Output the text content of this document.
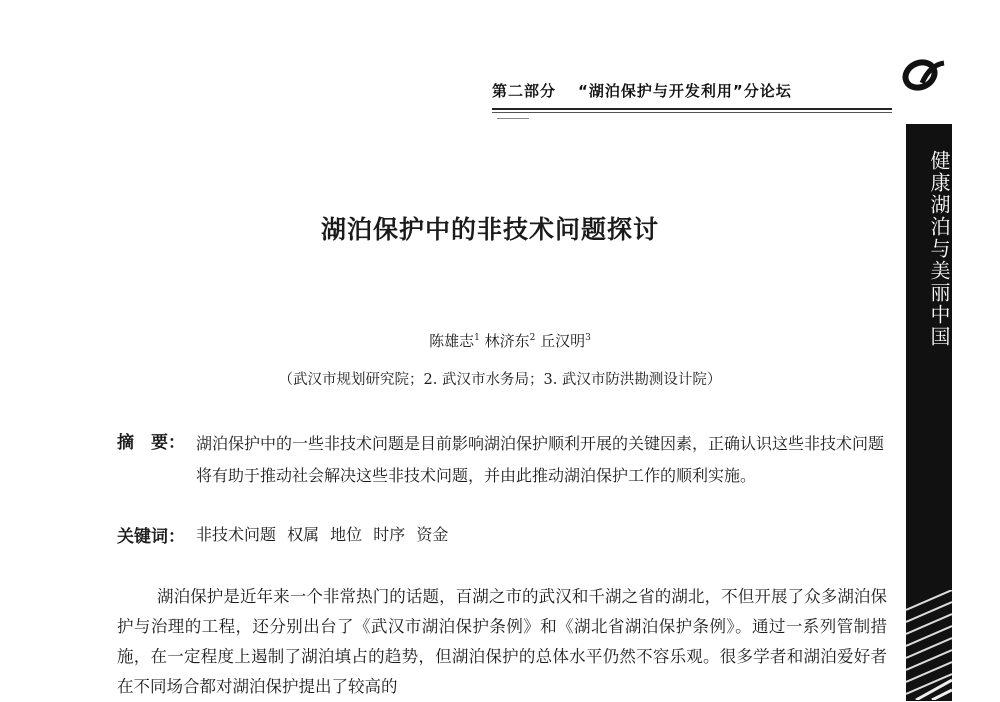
第二部分 “湖泊保护与开发利用”分论坛
健康湖泊与美丽中国
湖泊保护中的非技术问题探讨
陈雄志$^1$ 林济东$^2$ 丘汉明$^3$
（武汉市规划研究院；2. 武汉市水务局；3. 武汉市防洪勘测设计院）
摘　要： 湖泊保护中的一些非技术问题是目前影响湖泊保护顺利开展的关键因素，正确认识这些非技术问题将有助于推动社会解决这些非技术问题，并由此推动湖泊保护工作的顺利实施。
关键词： 非技术问题 权属 地位 时序 资金
湖泊保护是近年来一个非常热门的话题，百湖之市的武汉和千湖之省的湖北，不但开展了众多湖泊保护与治理的工程，还分别出台了《武汉市湖泊保护条例》和《湖北省湖泊保护条例》。通过一系列管制措施，在一定程度上遏制了湖泊填占的趋势，但湖泊保护的总体水平仍然不容乐观。很多学者和湖泊爱好者在不同场合都对湖泊保护提出了较高的
